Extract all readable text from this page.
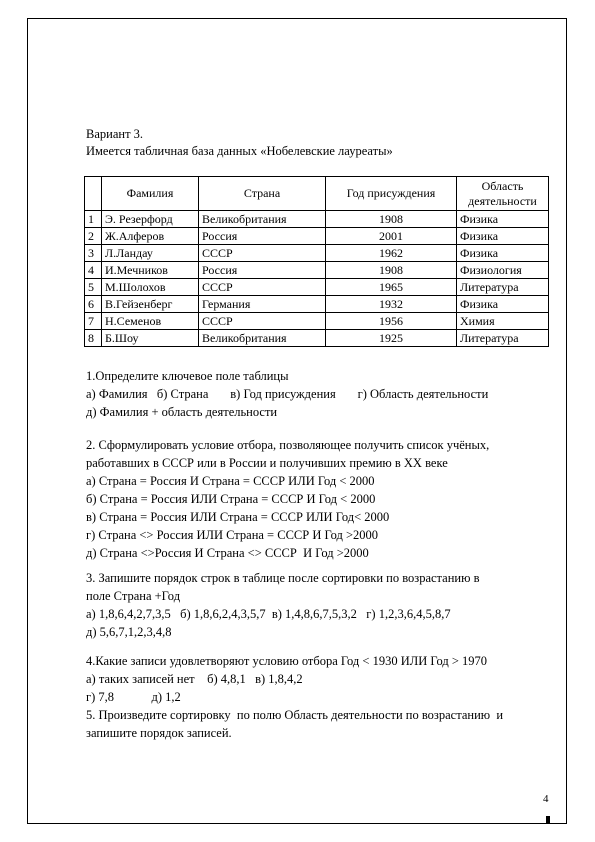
Вариант 3.
Имеется табличная база данных «Нобелевские лауреаты»
	Фамилия	Страна	Год присуждения	Область деятельности
1	Э. Резерфорд	Великобритания	1908	Физика
2	Ж.Алферов	Россия	2001	Физика
3	Л.Ландау	СССР	1962	Физика
4	И.Мечников	Россия	1908	Физиология
5	М.Шолохов	СССР	1965	Литература
6	В.Гейзенберг	Германия	1932	Физика
7	Н.Семенов	СССР	1956	Химия
8	Б.Шоу	Великобритания	1925	Литература
1.Определите ключевое поле таблицы
а) Фамилия   б) Страна       в) Год присуждения       г) Область деятельности
д) Фамилия + область деятельности
2. Сформулировать условие отбора, позволяющее получить список учёных,
работавших в СССР или в России и получивших премию в XX веке
а) Страна = Россия И Страна = СССР ИЛИ Год < 2000
б) Страна = Россия ИЛИ Страна = СССР И Год < 2000
в) Страна = Россия ИЛИ Страна = СССР ИЛИ Год< 2000
г) Страна <> Россия ИЛИ Страна = СССР И Год >2000
д) Страна <>Россия И Страна <> СССР  И Год >2000
3. Запишите порядок строк в таблице после сортировки по возрастанию в
поле Страна +Год
а) 1,8,6,4,2,7,3,5   б) 1,8,6,2,4,3,5,7  в) 1,4,8,6,7,5,3,2   г) 1,2,3,6,4,5,8,7
д) 5,6,7,1,2,3,4,8
4.Какие записи удовлетворяют условию отбора Год < 1930 ИЛИ Год > 1970
а) таких записей нет    б) 4,8,1   в) 1,8,4,2
г) 7,8            д) 1,2
5. Произведите сортировку  по полю Область деятельности по возрастанию  и
запишите порядок записей.
4
